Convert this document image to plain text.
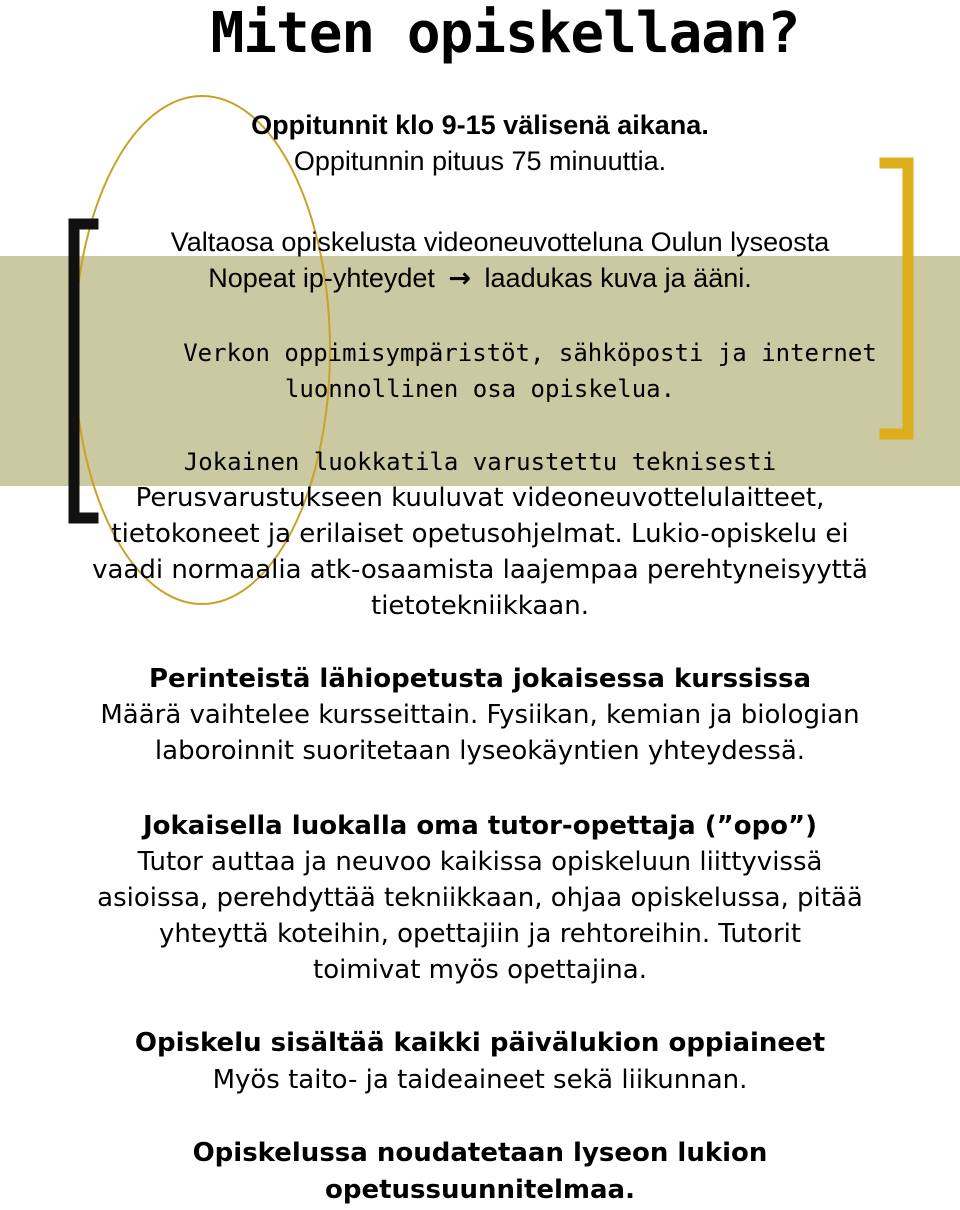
Miten opiskellaan?
Oppitunnit klo 9-15 välisenä aikana.
Oppitunnin pituus 75 minuuttia.
Valtaosa opiskelusta videoneuvotteluna Oulun lyseosta
Nopeat ip-yhteydet → laadukas kuva ja ääni.
Verkon oppimisympäristöt, sähköposti ja internet
luonnollinen osa opiskelua.
Jokainen luokkatila varustettu teknisesti
Perusvarustukseen kuuluvat videoneuvottelulaitteet,
tietokoneet ja erilaiset opetusohjelmat. Lukio-opiskelu ei
vaadi normaalia atk-osaamista laajempaa perehtyneisyyttä
tietotekniikkaan.
Perinteistä lähiopetusta jokaisessa kurssissa
Määrä vaihtelee kursseittain. Fysiikan, kemian ja biologian
laboroinnit suoritetaan lyseokäyntien yhteydessä.
Jokaisella luokalla oma tutor-opettaja (”opo”)
Tutor auttaa ja neuvoo kaikissa opiskeluun liittyvissä
asioissa, perehdyttää tekniikkaan, ohjaa opiskelussa, pitää
yhteyttä koteihin, opettajiin ja rehtoreihin. Tutorit
toimivat myös opettajina.
Opiskelu sisältää kaikki päivälukion oppiaineet
Myös taito- ja taideaineet sekä liikunnan.
Opiskelussa noudatetaan lyseon lukion
opetussuunnitelmaa.
